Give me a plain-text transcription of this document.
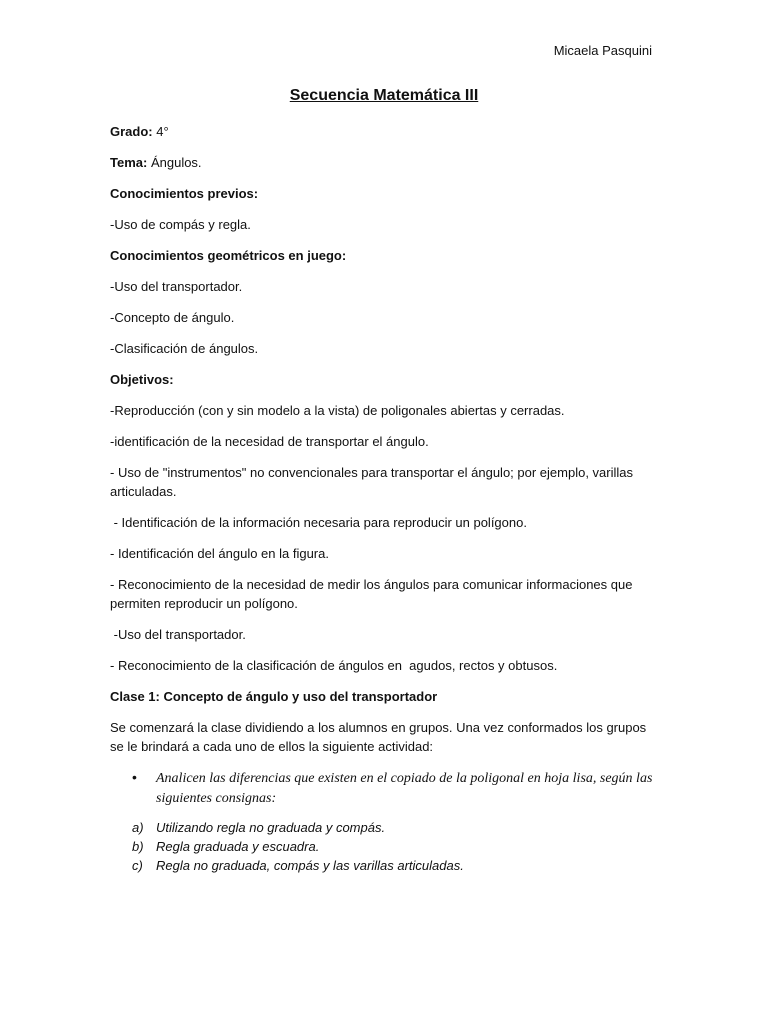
Micaela Pasquini
Secuencia Matemática III

Grado: 4°

Tema: Ángulos.

Conocimientos previos:

-Uso de compás y regla.

Conocimientos geométricos en juego:

-Uso del transportador.

-Concepto de ángulo.

-Clasificación de ángulos.

Objetivos:

-Reproducción (con y sin modelo a la vista) de poligonales abiertas y cerradas.

-identificación de la necesidad de transportar el ángulo.

- Uso de "instrumentos" no convencionales para transportar el ángulo; por ejemplo, varillas articuladas.

- Identificación de la información necesaria para reproducir un polígono.

- Identificación del ángulo en la figura.

- Reconocimiento de la necesidad de medir los ángulos para comunicar informaciones que permiten reproducir un polígono.

-Uso del transportador.

- Reconocimiento de la clasificación de ángulos en  agudos, rectos y obtusos.

Clase 1: Concepto de ángulo y uso del transportador

Se comenzará la clase dividiendo a los alumnos en grupos. Una vez conformados los grupos se le brindará a cada uno de ellos la siguiente actividad:

• Analicen las diferencias que existen en el copiado de la poligonal en hoja lisa, según las siguientes consignas:
a) Utilizando regla no graduada y compás.
b) Regla graduada y escuadra.
c) Regla no graduada, compás y las varillas articuladas.
